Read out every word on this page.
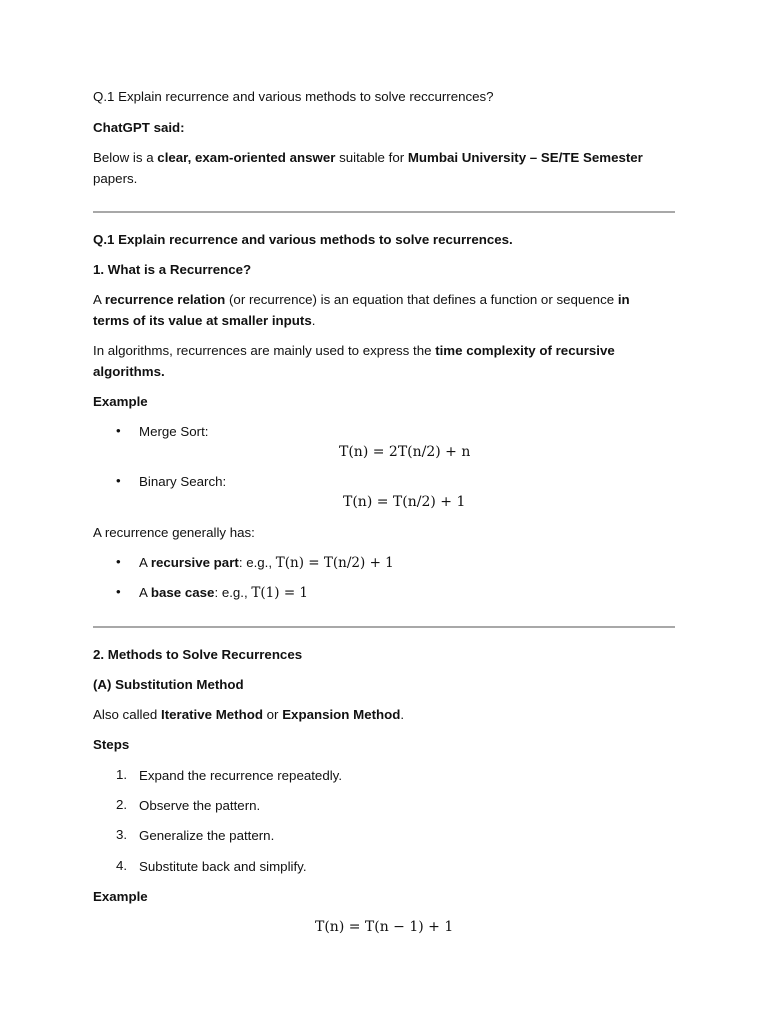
Q.1 Explain recurrence and various methods to solve reccurrences?
ChatGPT said:
Below is a clear, exam-oriented answer suitable for Mumbai University – SE/TE Semester
papers.
Q.1 Explain recurrence and various methods to solve recurrences.
1. What is a Recurrence?
A recurrence relation (or recurrence) is an equation that defines a function or sequence in
terms of its value at smaller inputs.
In algorithms, recurrences are mainly used to express the time complexity of recursive
algorithms.
Example
•	Merge Sort:
T(n) = 2T(n/2) + n
•	Binary Search:
T(n) = T(n/2) + 1
A recurrence generally has:
•	A recursive part: e.g., T(n) = T(n/2) + 1
•	A base case: e.g., T(1) = 1
2. Methods to Solve Recurrences
(A) Substitution Method
Also called Iterative Method or Expansion Method.
Steps
1. Expand the recurrence repeatedly.
2. Observe the pattern.
3. Generalize the pattern.
4. Substitute back and simplify.
Example
T(n) = T(n − 1) + 1
